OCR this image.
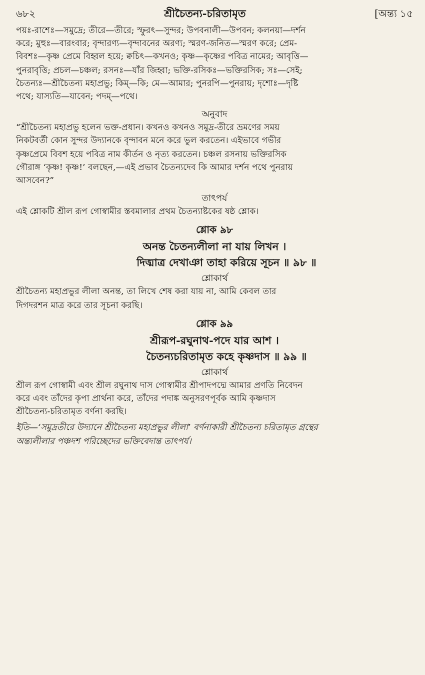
৬৮২	শ্রীচৈতন্য-চরিতামৃত	[অন্ত্য ১৫

পয়ঃ-রাশেঃ—সমুদ্রে; তীরে—তীরে; স্ফুরৎ—সুন্দর; উপবনালী—উপবন; কলনয়া—দর্শন

করে; মুহুঃ—বারংবার; বৃন্দারণ্য—বৃন্দাবনের অরণ্য; স্মরণ-জনিত—স্মরণ করে; প্রেম-

বিবশঃ—কৃষ্ণ প্রেমে বিহ্বল হয়ে; ক্বচিৎ—কখনও; কৃষ্ণ—কৃষ্ণের পবিত্র নামের; আবৃত্তি—

পুনরাবৃত্তি; প্রচল—চঞ্চল; রসনঃ—যাঁর জিহ্বা; ভক্তি-রসিকঃ—ভক্তিরসিক; সঃ—সেই;

চৈতন্যঃ—শ্রীচৈতন্য মহাপ্রভু; কিম্—কি; মে—আমার; পুনরপি—পুনরায়; দৃশোঃ—দৃষ্টি

পথে; যাস্যতি—যাবেন; পদম্—পথে।

অনুবাদ

“শ্রীচৈতন্য মহাপ্রভু হলেন ভক্ত-প্রধান। কখনও কখনও সমুদ্র-তীরে ভ্রমণের সময়

নিকটবর্তী কোন সুন্দর উদ্যানকে বৃন্দাবন মনে করে ভুল করতেন। এইভাবে গভীর

কৃষ্ণপ্রেমে বিবশ হয়ে পবিত্র নাম কীর্তন ও নৃত্য করতেন। চঞ্চল রসনায় ভক্তিরসিক

গৌরাঙ্গ ‘কৃষ্ণ! কৃষ্ণ!’ বলছেন,—এই প্রভাব চৈতন্যদেব কি আমার দর্শন পথে পুনরায়

আসবেন?”

তাৎপর্য

এই শ্লোকটি শ্রীল রূপ গোস্বামীর স্তবমালার প্রথম চৈতন্যাষ্টকের ষষ্ঠ শ্লোক।

শ্লোক ৯৮

অনন্ত চৈতন্যলীলা না যায় লিখন ।

দিঙ্মাত্র দেখাঞা তাহা করিয়ে সূচন ॥ ৯৮ ॥

শ্লোকার্থ

শ্রীচৈতন্য মহাপ্রভুর লীলা অনন্ত, তা লিখে শেষ করা যায় না, আমি কেবল তার

দিগদরশন মাত্র করে তার সূচনা করছি।

শ্লোক ৯৯

শ্রীরূপ-রঘুনাথ-পদে যার আশ ।

চৈতন্যচরিতামৃত কহে কৃষ্ণদাস ॥ ৯৯ ॥

শ্লোকার্থ

শ্রীল রূপ গোস্বামী এবং শ্রীল রঘুনাথ দাস গোস্বামীর শ্রীপাদপদ্মে আমার প্রণতি নিবেদন

করে এবং তাঁদের কৃপা প্রার্থনা করে, তাঁদের পদাঙ্ক অনুসরণপূর্বক আমি কৃষ্ণদাস

শ্রীচৈতন্য-চরিতামৃত বর্ণনা করছি।

ইতি—‘সমুদ্রতীরে উদ্যানে শ্রীচৈতন্য মহাপ্রভুর লীলা’ বর্ণনাকারী শ্রীচৈতন্য চরিতামৃত গ্রন্থের

অন্ত্যলীলার পঞ্চদশ পরিচ্ছেদের ভক্তিবেদান্ত তাৎপর্য।
